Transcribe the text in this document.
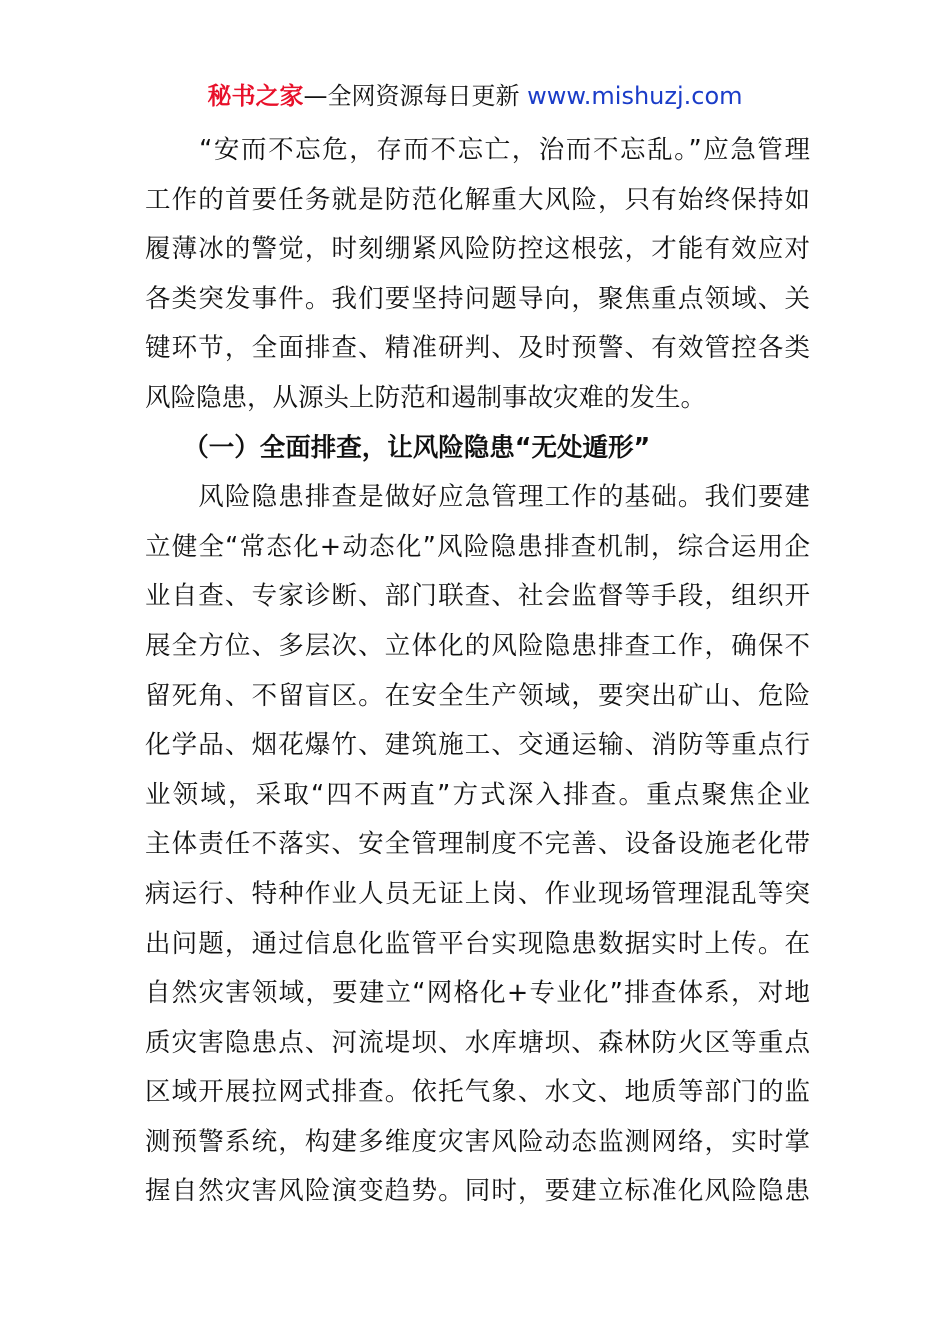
秘书之家—全网资源每日更新 www.mishuzj.com
　　“安而不忘危，存而不忘亡，治而不忘乱。”应急管理
工作的首要任务就是防范化解重大风险，只有始终保持如
履薄冰的警觉，时刻绷紧风险防控这根弦，才能有效应对
各类突发事件。我们要坚持问题导向，聚焦重点领域、关
键环节，全面排查、精准研判、及时预警、有效管控各类
风险隐患，从源头上防范和遏制事故灾难的发生。
　　（一）全面排查，让风险隐患“无处遁形”
　　风险隐患排查是做好应急管理工作的基础。我们要建
立健全“常态化+动态化”风险隐患排查机制，综合运用企
业自查、专家诊断、部门联查、社会监督等手段，组织开
展全方位、多层次、立体化的风险隐患排查工作，确保不
留死角、不留盲区。在安全生产领域，要突出矿山、危险
化学品、烟花爆竹、建筑施工、交通运输、消防等重点行
业领域，采取“四不两直”方式深入排查。重点聚焦企业
主体责任不落实、安全管理制度不完善、设备设施老化带
病运行、特种作业人员无证上岗、作业现场管理混乱等突
出问题，通过信息化监管平台实现隐患数据实时上传。在
自然灾害领域，要建立“网格化+专业化”排查体系，对地
质灾害隐患点、河流堤坝、水库塘坝、森林防火区等重点
区域开展拉网式排查。依托气象、水文、地质等部门的监
测预警系统，构建多维度灾害风险动态监测网络，实时掌
握自然灾害风险演变趋势。同时，要建立标准化风险隐患
